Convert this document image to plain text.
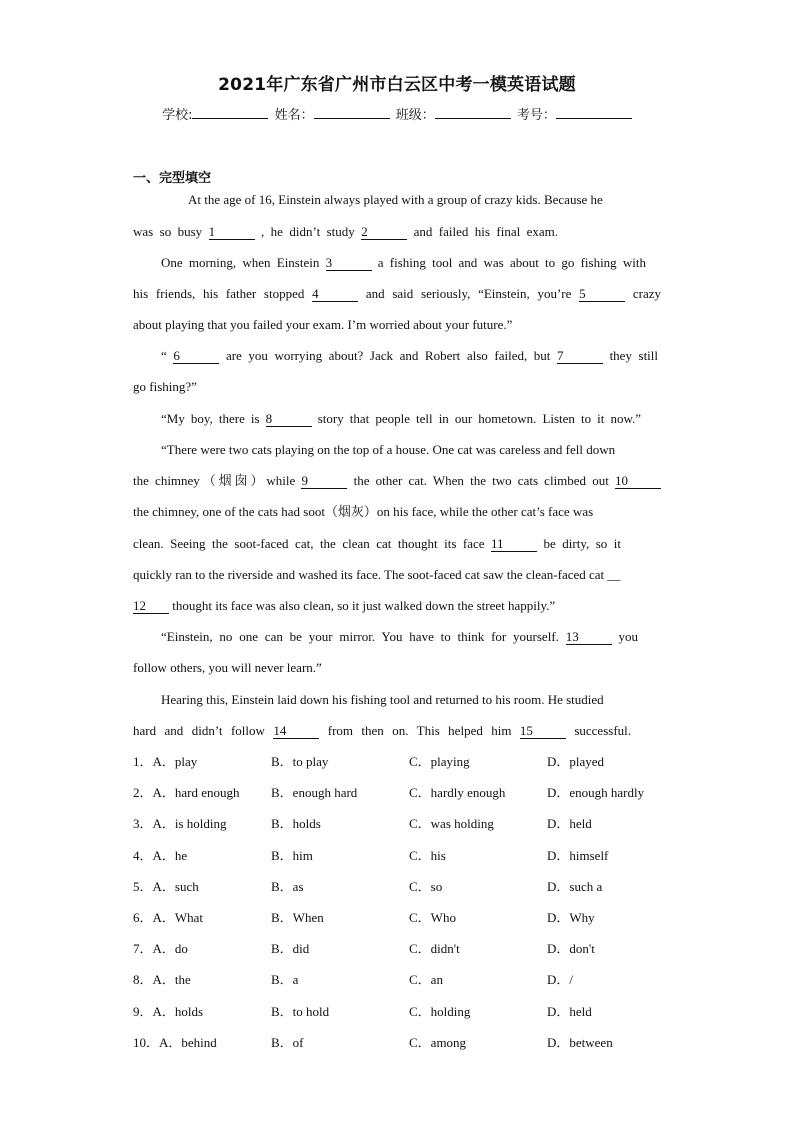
2021年广东省广州市白云区中考一模英语试题
学校:	姓名：	班级：	考号：
一、完型填空
At the age of 16, Einstein always played with a group of crazy kids. Because he
was so busy 1	, he didn’t study 2	and failed his final exam.
One morning, when Einstein 3	a fishing tool and was about to go fishing with
his friends, his father stopped 4	and said seriously, “Einstein, you’re 5	crazy
about playing that you failed your exam. I’m worried about your future.”
“ 6	are you worrying about? Jack and Robert also failed, but 7	they still
go fishing?”
“My boy, there is 8	story that people tell in our hometown. Listen to it now.”
“There were two cats playing on the top of a house. One cat was careless and fell down
the chimney（烟囱）while 9	the other cat. When the two cats climbed out 10
the chimney, one of the cats had soot（烟灰）on his face, while the other cat’s face was
clean. Seeing the soot-faced cat, the clean cat thought its face 11	be dirty, so it
quickly ran to the riverside and washed its face. The soot-faced cat saw the clean-faced cat __
12 thought its face was also clean, so it just walked down the street happily.”
“Einstein, no one can be your mirror. You have to think for yourself. 13	you
follow others, you will never learn.”
Hearing this, Einstein laid down his fishing tool and returned to his room. He studied
hard and didn’t follow 14	from then on. This helped him 15	successful.
1．A．play	B．to play	C．playing	D．played
2．A．hard enough B．enough hard	C．hardly enough	D．enough hardly
3．A．is holding	B．holds	C．was holding	D．held
4．A．he	B．him	C．his	D．himself
5．A．such	B．as	C．so	D．such a
6．A．What	B．When	C．Who	D．Why
7．A．do	B．did	C．didn't	D．don't
8．A．the	B．a	C．an	D．/
9．A．holds	B．to hold	C．holding	D．held
10．A．behind	B．of	C．among	D．between
